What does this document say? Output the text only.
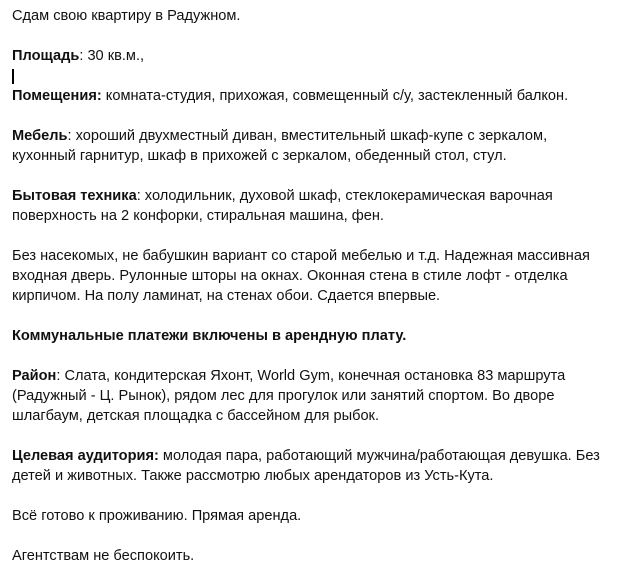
Сдам свою квартиру в Радужном.

Площадь: 30 кв.м.,

Помещения: комната-студия, прихожая, совмещенный с/у, застекленный балкон.

Мебель: хороший двухместный диван, вместительный шкаф-купе с зеркалом,
кухонный гарнитур, шкаф в прихожей с зеркалом, обеденный стол, стул.

Бытовая техника: холодильник, духовой шкаф, стеклокерамическая варочная
поверхность на 2 конфорки, стиральная машина, фен.

Без насекомых, не бабушкин вариант со старой мебелью и т.д. Надежная массивная
входная дверь. Рулонные шторы на окнах. Оконная стена в стиле лофт - отделка
кирпичом. На полу ламинат, на стенах обои. Сдается впервые.

Коммунальные платежи включены в арендную плату.

Район: Слата, кондитерская Яхонт, World Gym, конечная остановка 83 маршрута
(Радужный - Ц. Рынок), рядом лес для прогулок или занятий спортом. Во дворе
шлагбаум, детская площадка с бассейном для рыбок.

Целевая аудитория: молодая пара, работающий мужчина/работающая девушка. Без
детей и животных. Также рассмотрю любых арендаторов из Усть-Кута.

Всё готово к проживанию. Прямая аренда.

Агентствам не беспокоить.
